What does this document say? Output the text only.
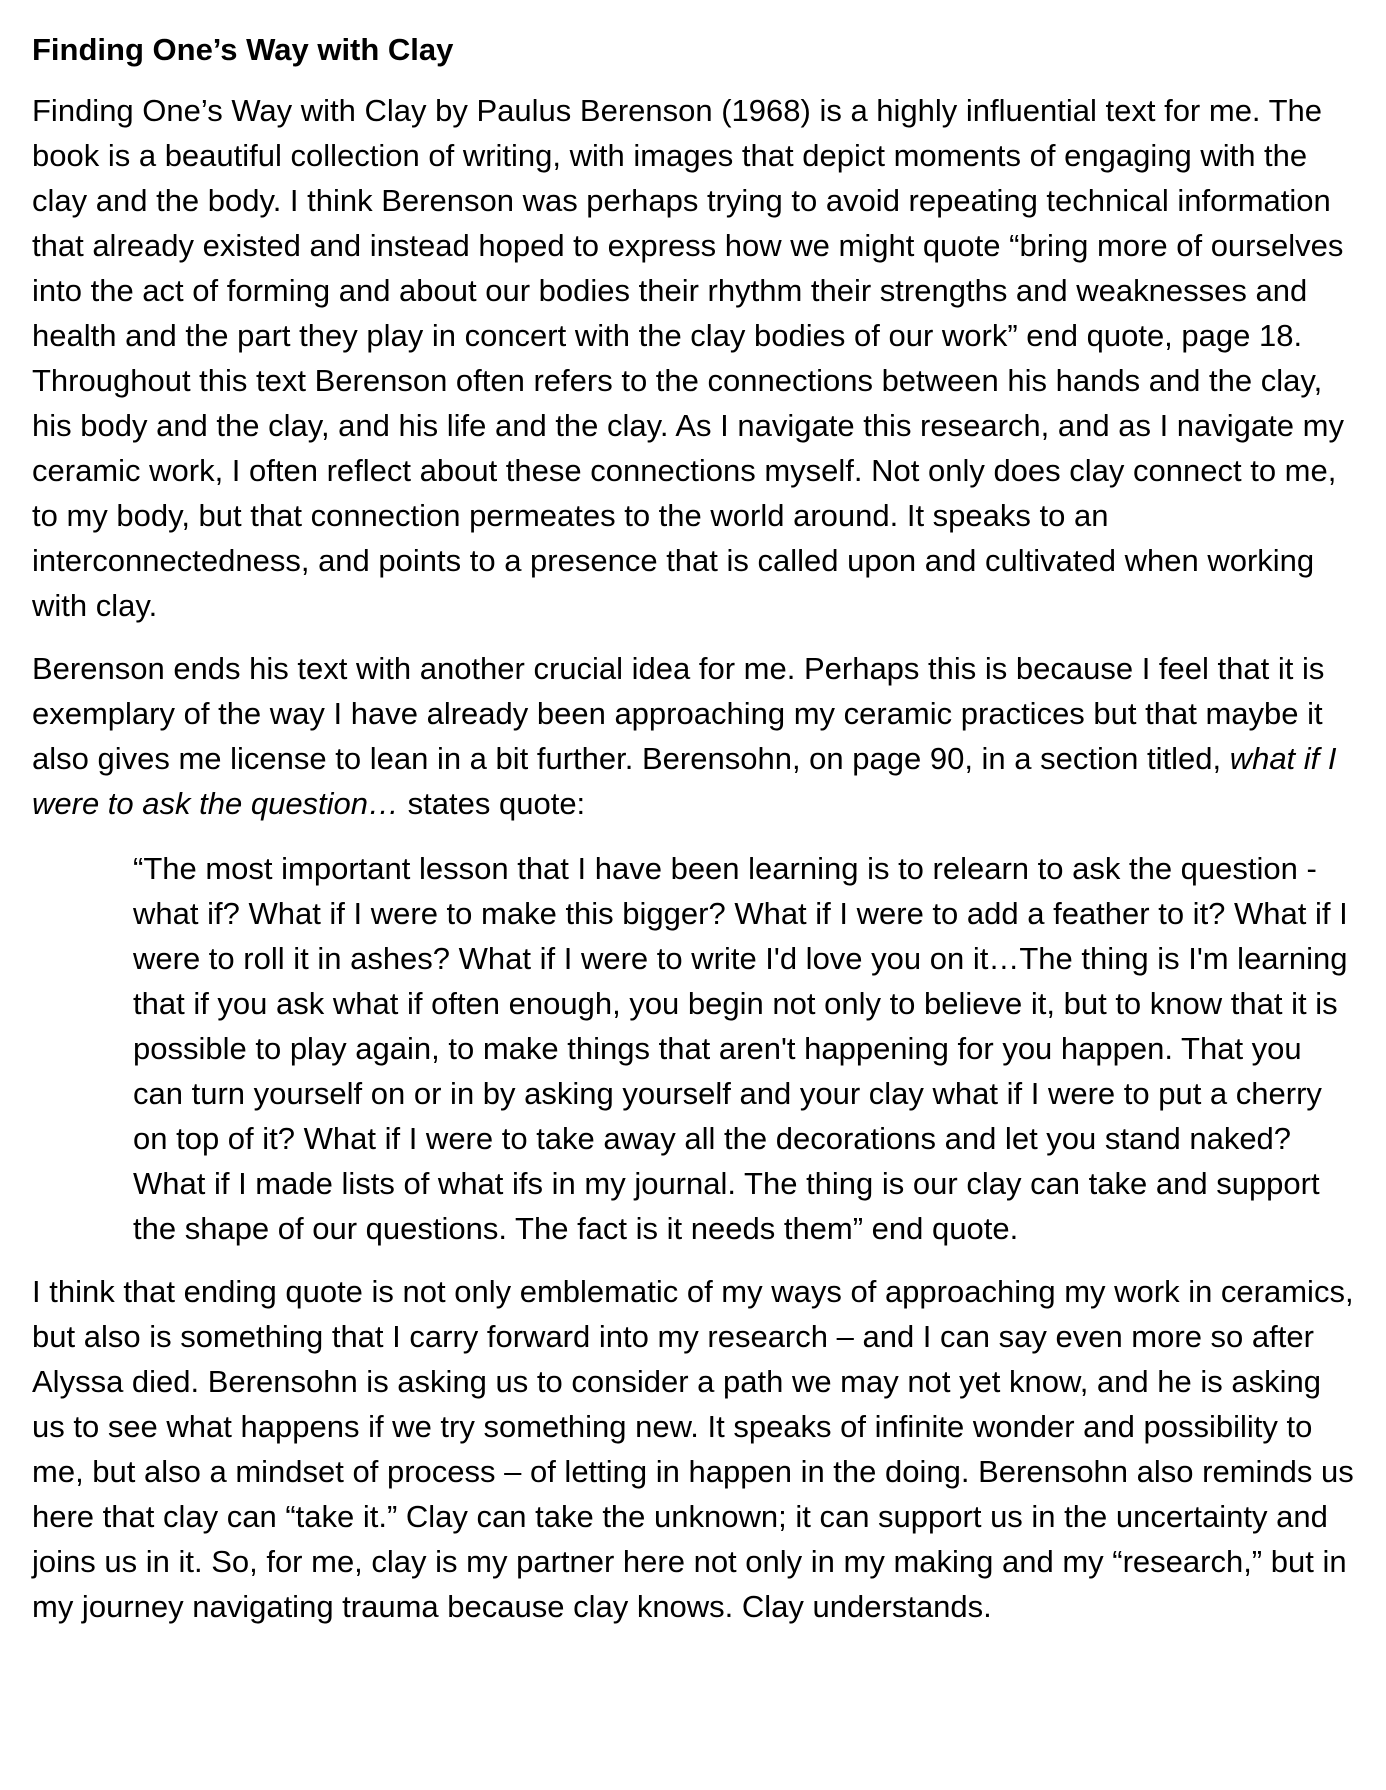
Finding One’s Way with Clay

Finding One’s Way with Clay by Paulus Berenson (1968) is a highly influential text for me. The book is a beautiful collection of writing, with images that depict moments of engaging with the clay and the body. I think Berenson was perhaps trying to avoid repeating technical information that already existed and instead hoped to express how we might quote “bring more of ourselves into the act of forming and about our bodies their rhythm their strengths and weaknesses and health and the part they play in concert with the clay bodies of our work” end quote, page 18. Throughout this text Berenson often refers to the connections between his hands and the clay, his body and the clay, and his life and the clay. As I navigate this research, and as I navigate my ceramic work, I often reflect about these connections myself. Not only does clay connect to me, to my body, but that connection permeates to the world around. It speaks to an interconnectedness, and points to a presence that is called upon and cultivated when working with clay.

Berenson ends his text with another crucial idea for me. Perhaps this is because I feel that it is exemplary of the way I have already been approaching my ceramic practices but that maybe it also gives me license to lean in a bit further. Berensohn, on page 90, in a section titled, what if I were to ask the question… states quote:

“The most important lesson that I have been learning is to relearn to ask the question - what if? What if I were to make this bigger? What if I were to add a feather to it? What if I were to roll it in ashes? What if I were to write I'd love you on it…The thing is I'm learning that if you ask what if often enough, you begin not only to believe it, but to know that it is possible to play again, to make things that aren't happening for you happen. That you can turn yourself on or in by asking yourself and your clay what if I were to put a cherry on top of it? What if I were to take away all the decorations and let you stand naked? What if I made lists of what ifs in my journal. The thing is our clay can take and support the shape of our questions. The fact is it needs them” end quote.

I think that ending quote is not only emblematic of my ways of approaching my work in ceramics, but also is something that I carry forward into my research – and I can say even more so after Alyssa died. Berensohn is asking us to consider a path we may not yet know, and he is asking us to see what happens if we try something new. It speaks of infinite wonder and possibility to me, but also a mindset of process – of letting in happen in the doing. Berensohn also reminds us here that clay can “take it.” Clay can take the unknown; it can support us in the uncertainty and joins us in it. So, for me, clay is my partner here not only in my making and my “research,” but in my journey navigating trauma because clay knows. Clay understands.
